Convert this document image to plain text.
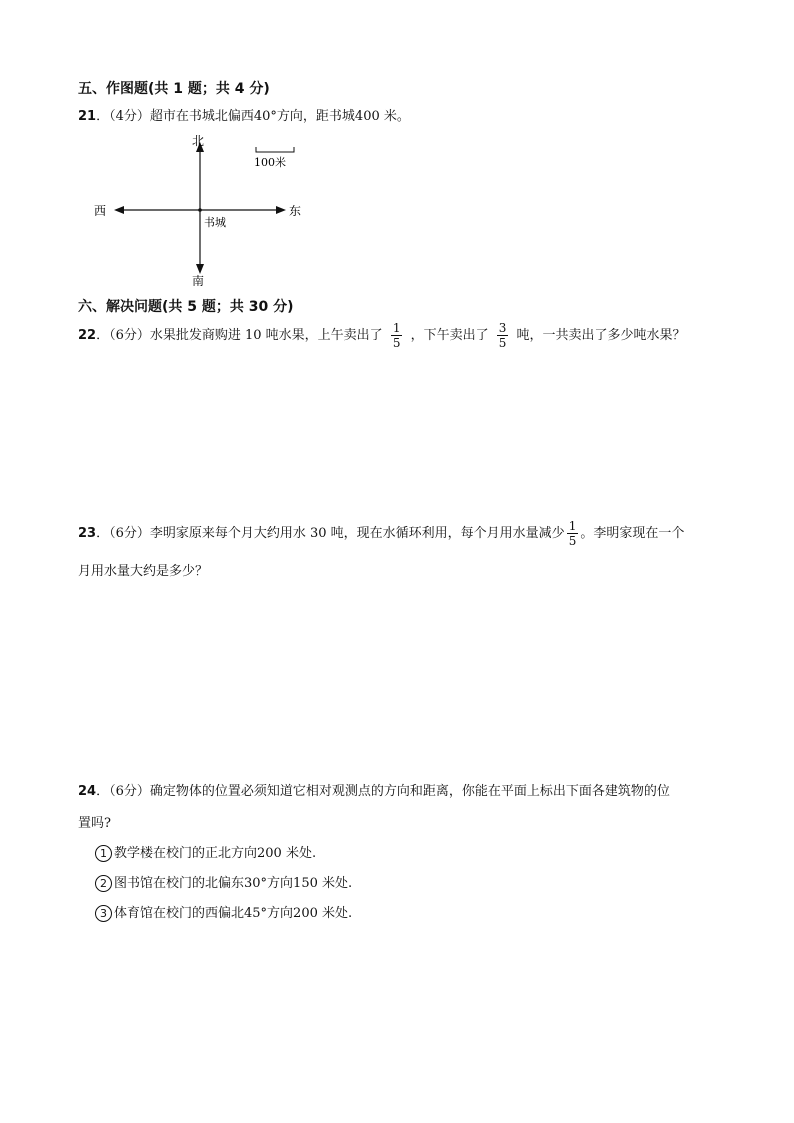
五、作图题(共 1 题；共 4 分)
21．（4分）超市在书城北偏西40°方向，距书城400 米。
北
南
西	东
书城
100米
六、解决问题(共 5 题；共 30 分)
22．（6分）水果批发商购进 10 吨水果，上午卖出了 $\frac{1}{5}$ ，下午卖出了 $\frac{3}{5}$ 吨，一共卖出了多少吨水果？
23．（6分）李明家原来每个月大约用水 30 吨，现在水循环利用，每个月用水量减少 $\frac{1}{5}$ 。李明家现在一个
月用水量大约是多少？
24．（6分）确定物体的位置必须知道它相对观测点的方向和距离，你能在平面上标出下面各建筑物的位
置吗?
1 教学楼在校门的正北方向200 米处.
2 图书馆在校门的北偏东30°方向150 米处.
3 体育馆在校门的西偏北45°方向200 米处.
